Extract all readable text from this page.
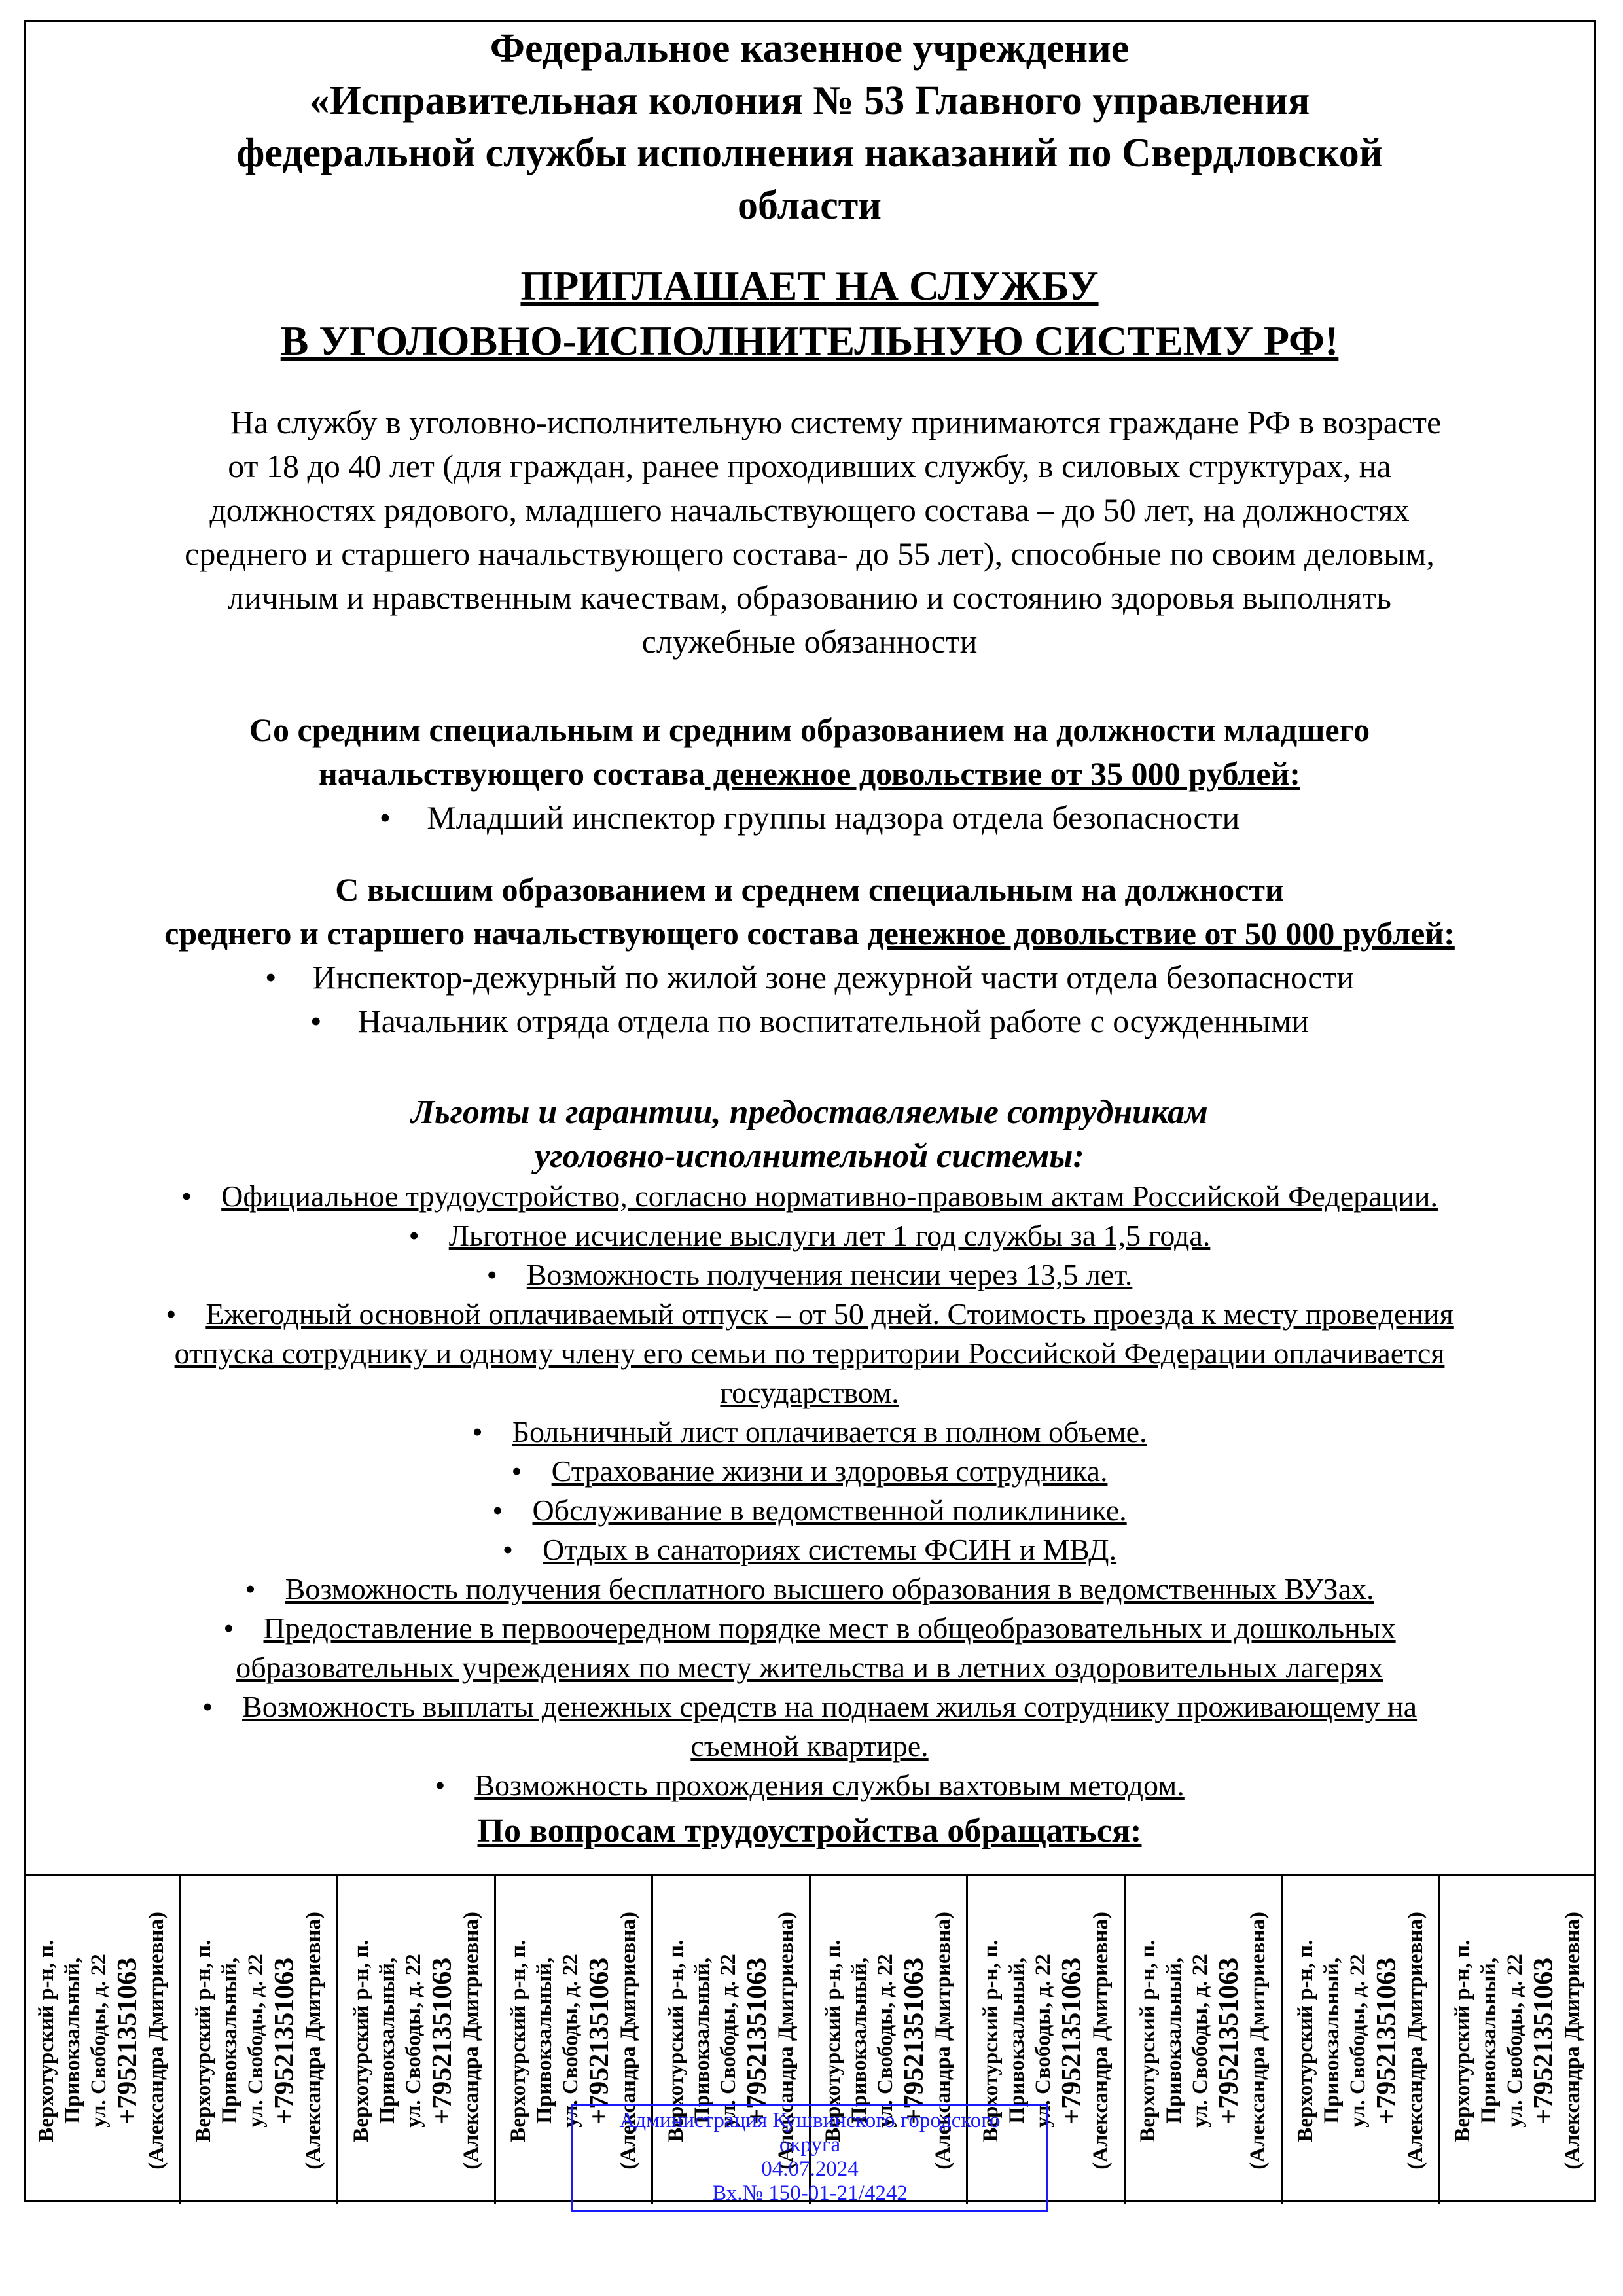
Федеральное казенное учреждение
«Исправительная колония № 53 Главного управления
федеральной службы исполнения наказаний по Свердловской
области
ПРИГЛАШАЕТ НА СЛУЖБУ
В УГОЛОВНО-ИСПОЛНИТЕЛЬНУЮ СИСТЕМУ РФ!
На службу в уголовно-исполнительную систему принимаются граждане РФ в возрасте
от 18 до 40 лет (для граждан, ранее проходивших службу, в силовых структурах, на
должностях рядового, младшего начальствующего состава – до 50 лет, на должностях
среднего и старшего начальствующего состава- до 55 лет), способные по своим деловым,
личным и нравственным качествам, образованию и состоянию здоровья выполнять
служебные обязанности
Со средним специальным и средним образованием на должности младшего
начальствующего состава денежное довольствие от 35 000 рублей:
• Младший инспектор группы надзора отдела безопасности
С высшим образованием и среднем специальным на должности
среднего и старшего начальствующего состава денежное довольствие от 50 000 рублей:
• Инспектор-дежурный по жилой зоне дежурной части отдела безопасности
• Начальник отряда отдела по воспитательной работе с осужденными
Льготы и гарантии, предоставляемые сотрудникам
уголовно-исполнительной системы:
• Официальное трудоустройство, согласно нормативно-правовым актам Российской Федерации.
• Льготное исчисление выслуги лет 1 год службы за 1,5 года.
• Возможность получения пенсии через 13,5 лет.
• Ежегодный основной оплачиваемый отпуск – от 50 дней. Стоимость проезда к месту проведения
отпуска сотруднику и одному члену его семьи по территории Российской Федерации оплачивается
государством.
• Больничный лист оплачивается в полном объеме.
• Страхование жизни и здоровья сотрудника.
• Обслуживание в ведомственной поликлинике.
• Отдых в санаториях системы ФСИН и МВД.
• Возможность получения бесплатного высшего образования в ведомственных ВУЗах.
• Предоставление в первоочередном порядке мест в общеобразовательных и дошкольных
образовательных учреждениях по месту жительства и в летних оздоровительных лагерях
• Возможность выплаты денежных средств на поднаем жилья сотруднику проживающему на
съемной квартире.
• Возможность прохождения службы вахтовым методом.
По вопросам трудоустройства обращаться:
Верхотурский р-н, п. Привокзальный, ул. Свободы, д. 22 +79521351063 (Александра Дмитриевна) Верхотурский р-н, п. Привокзальный, ул. Свободы, д. 22 +79521351063 (Александра Дмитриевна) Верхотурский р-н, п. Привокзальный, ул. Свободы, д. 22 +79521351063 (Александра Дмитриевна) Верхотурский р-н, п. Привокзальный, ул. Свободы, д. 22 +79521351063 (Александра Дмитриевна) Верхотурский р-н, п. Привокзальный, ул. Свободы, д. 22 +79521351063 (Александра Дмитриевна) Верхотурский р-н, п. Привокзальный, ул. Свободы, д. 22 +79521351063 (Александра Дмитриевна) Верхотурский р-н, п. Привокзальный, ул. Свободы, д. 22 +79521351063 (Александра Дмитриевна) Верхотурский р-н, п. Привокзальный, ул. Свободы, д. 22 +79521351063 (Александра Дмитриевна) Верхотурский р-н, п. Привокзальный, ул. Свободы, д. 22 +79521351063 (Александра Дмитриевна) Верхотурский р-н, п. Привокзальный, ул. Свободы, д. 22 +79521351063 (Александра Дмитриевна)
Администрация Кушвинского городского
округа
04.07.2024
Вх.№ 150-01-21/4242
